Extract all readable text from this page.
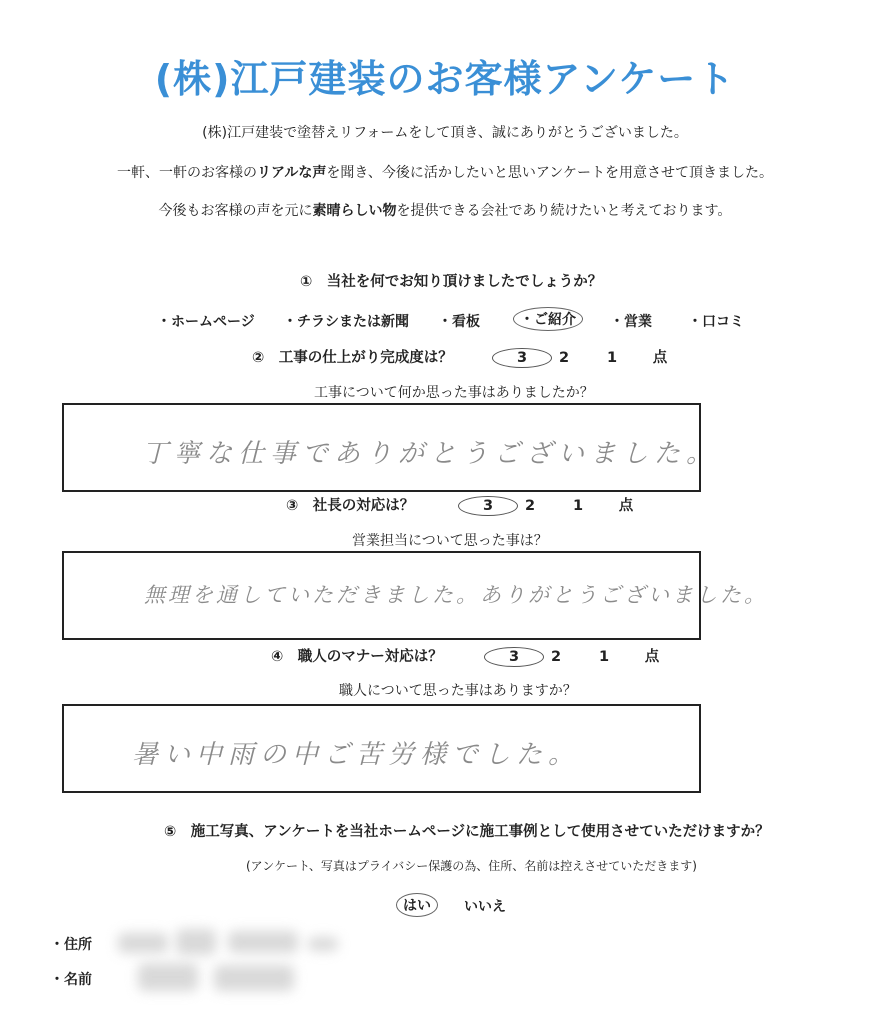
(株)江戸建装のお客様アンケート
(株)江戸建装で塗替えリフォームをして頂き、誠にありがとうございました。
一軒、一軒のお客様のリアルな声を聞き、今後に活かしたいと思いアンケートを用意させて頂きました。
今後もお客様の声を元に素晴らしい物を提供できる会社であり続けたいと考えております。
①　当社を何でお知り頂けましたでしょうか？
・ホームページ ・チラシまたは新聞 ・看板	・ご紹介	・営業	・口コミ
②　工事の仕上がり完成度は？	3 2	1 点
工事について何か思った事はありましたか？
丁寧な仕事でありがとうございました。
③　社長の対応は？	3 2	1 点
営業担当について思った事は？
無理を通していただきました。ありがとうございました。
④　職人のマナー対応は？	3 2	1 点
職人について思った事はありますか？
暑い中雨の中ご苦労様でした。
⑤　施工写真、アンケートを当社ホームページに施工事例として使用させていただけますか？
(アンケート、写真はプライバシー保護の為、住所、名前は控えさせていただきます)
はい	いいえ
・住所
・名前
